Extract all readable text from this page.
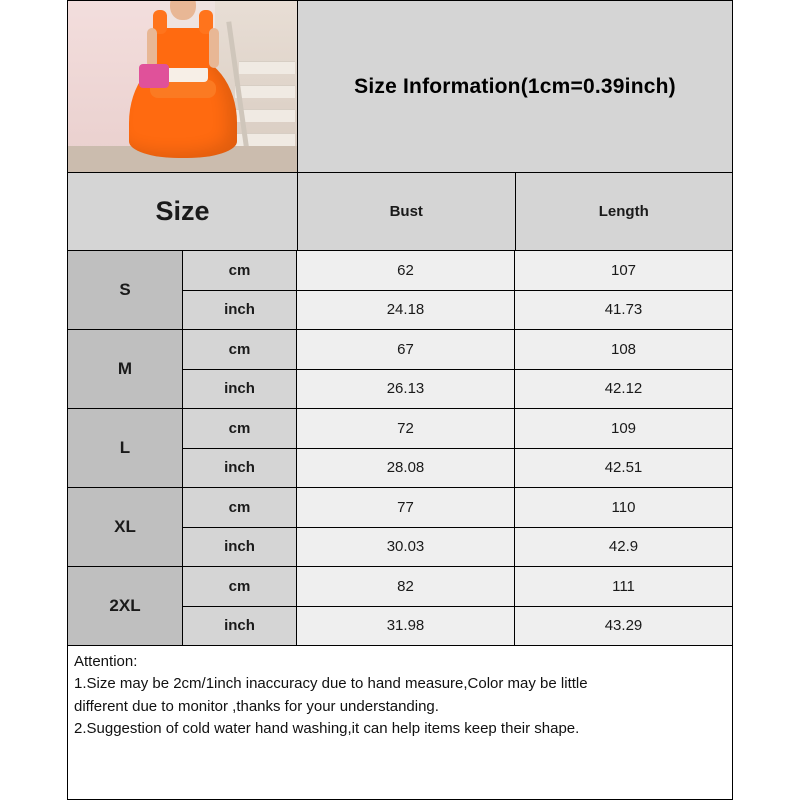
Size Information(1cm=0.39inch)
Size	Bust	Length
S
cm	62	107
inch	24.18	41.73
M
cm	67	108
inch	26.13	42.12
L
cm	72	109
inch	28.08	42.51
XL
cm	77	110
inch	30.03	42.9
2XL
cm	82	111
inch	31.98	43.29

Attention:

1.Size may be 2cm/1inch inaccuracy due to hand measure,Color may be little

different due to monitor ,thanks for your understanding.

2.Suggestion of cold water hand washing,it can help items keep their shape.
